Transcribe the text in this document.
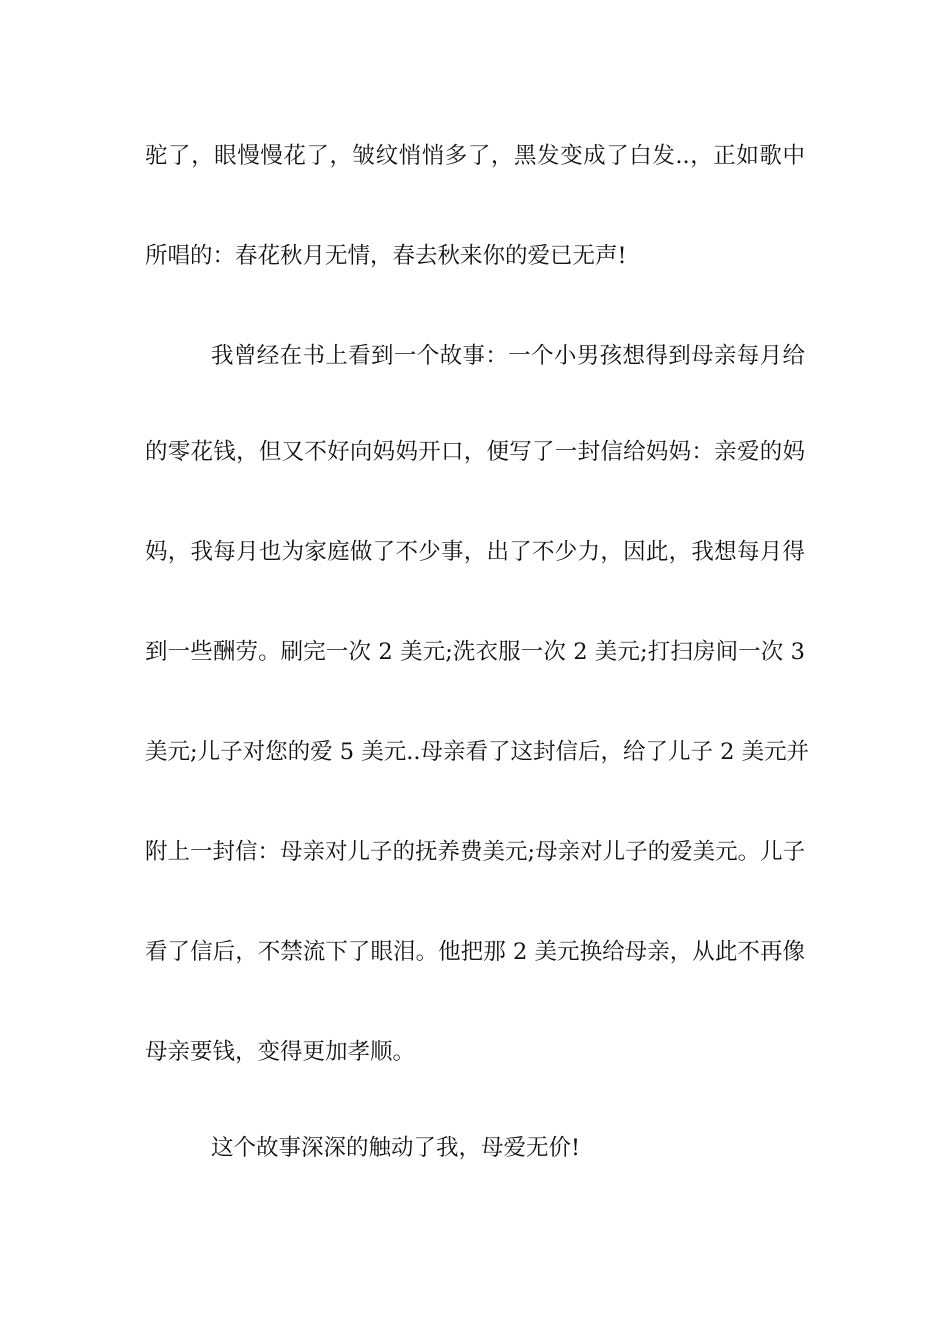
驼了，眼慢慢花了，皱纹悄悄多了，黑发变成了白发..，正如歌中
所唱的：春花秋月无情，春去秋来你的爱已无声!
我曾经在书上看到一个故事：一个小男孩想得到母亲每月给
的零花钱，但又不好向妈妈开口，便写了一封信给妈妈：亲爱的妈
妈，我每月也为家庭做了不少事，出了不少力，因此，我想每月得
到一些酬劳。刷完一次 2 美元;洗衣服一次 2 美元;打扫房间一次 3
美元;儿子对您的爱 5 美元..母亲看了这封信后，给了儿子 2 美元并
附上一封信：母亲对儿子的抚养费美元;母亲对儿子的爱美元。儿子
看了信后，不禁流下了眼泪。他把那 2 美元换给母亲，从此不再像
母亲要钱，变得更加孝顺。
这个故事深深的触动了我，母爱无价!
